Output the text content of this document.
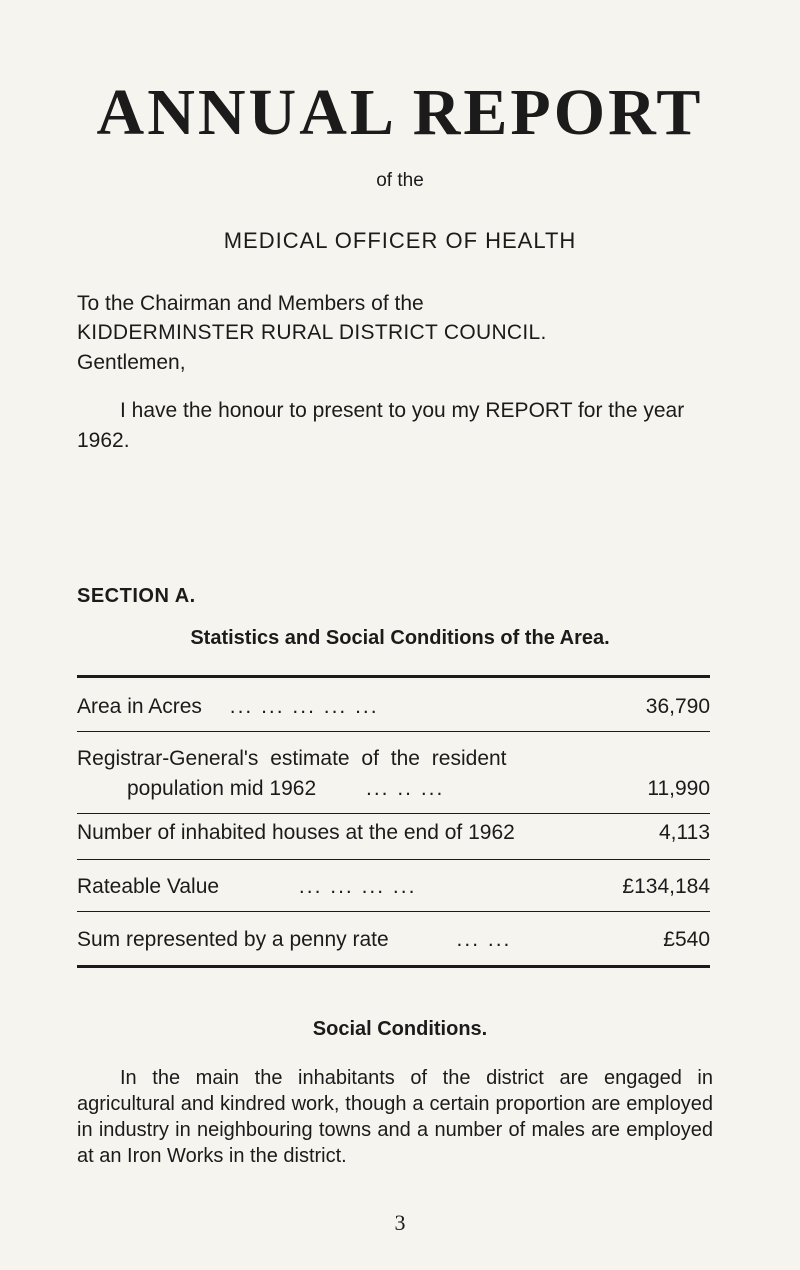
ANNUAL REPORT
of the
MEDICAL OFFICER OF HEALTH
To the Chairman and Members of the
KIDDERMINSTER RURAL DISTRICT COUNCIL.
Gentlemen,
I have the honour to present to you my REPORT for the year 1962.
SECTION A.
Statistics and Social Conditions of the Area.
Area in Acres ... ... ... ... ...	36,790
Registrar-General's estimate of the resident
population mid 1962 ... .. ...	11,990
Number of inhabited houses at the end of 1962	4,113
Rateable Value	... ... ... ...	£134,184
Sum represented by a penny rate	... ...	£540
Social Conditions.
In the main the inhabitants of the district are engaged in agricultural and kindred work, though a certain proportion are employed in industry in neighbouring towns and a number of males are employed at an Iron Works in the district.
3
